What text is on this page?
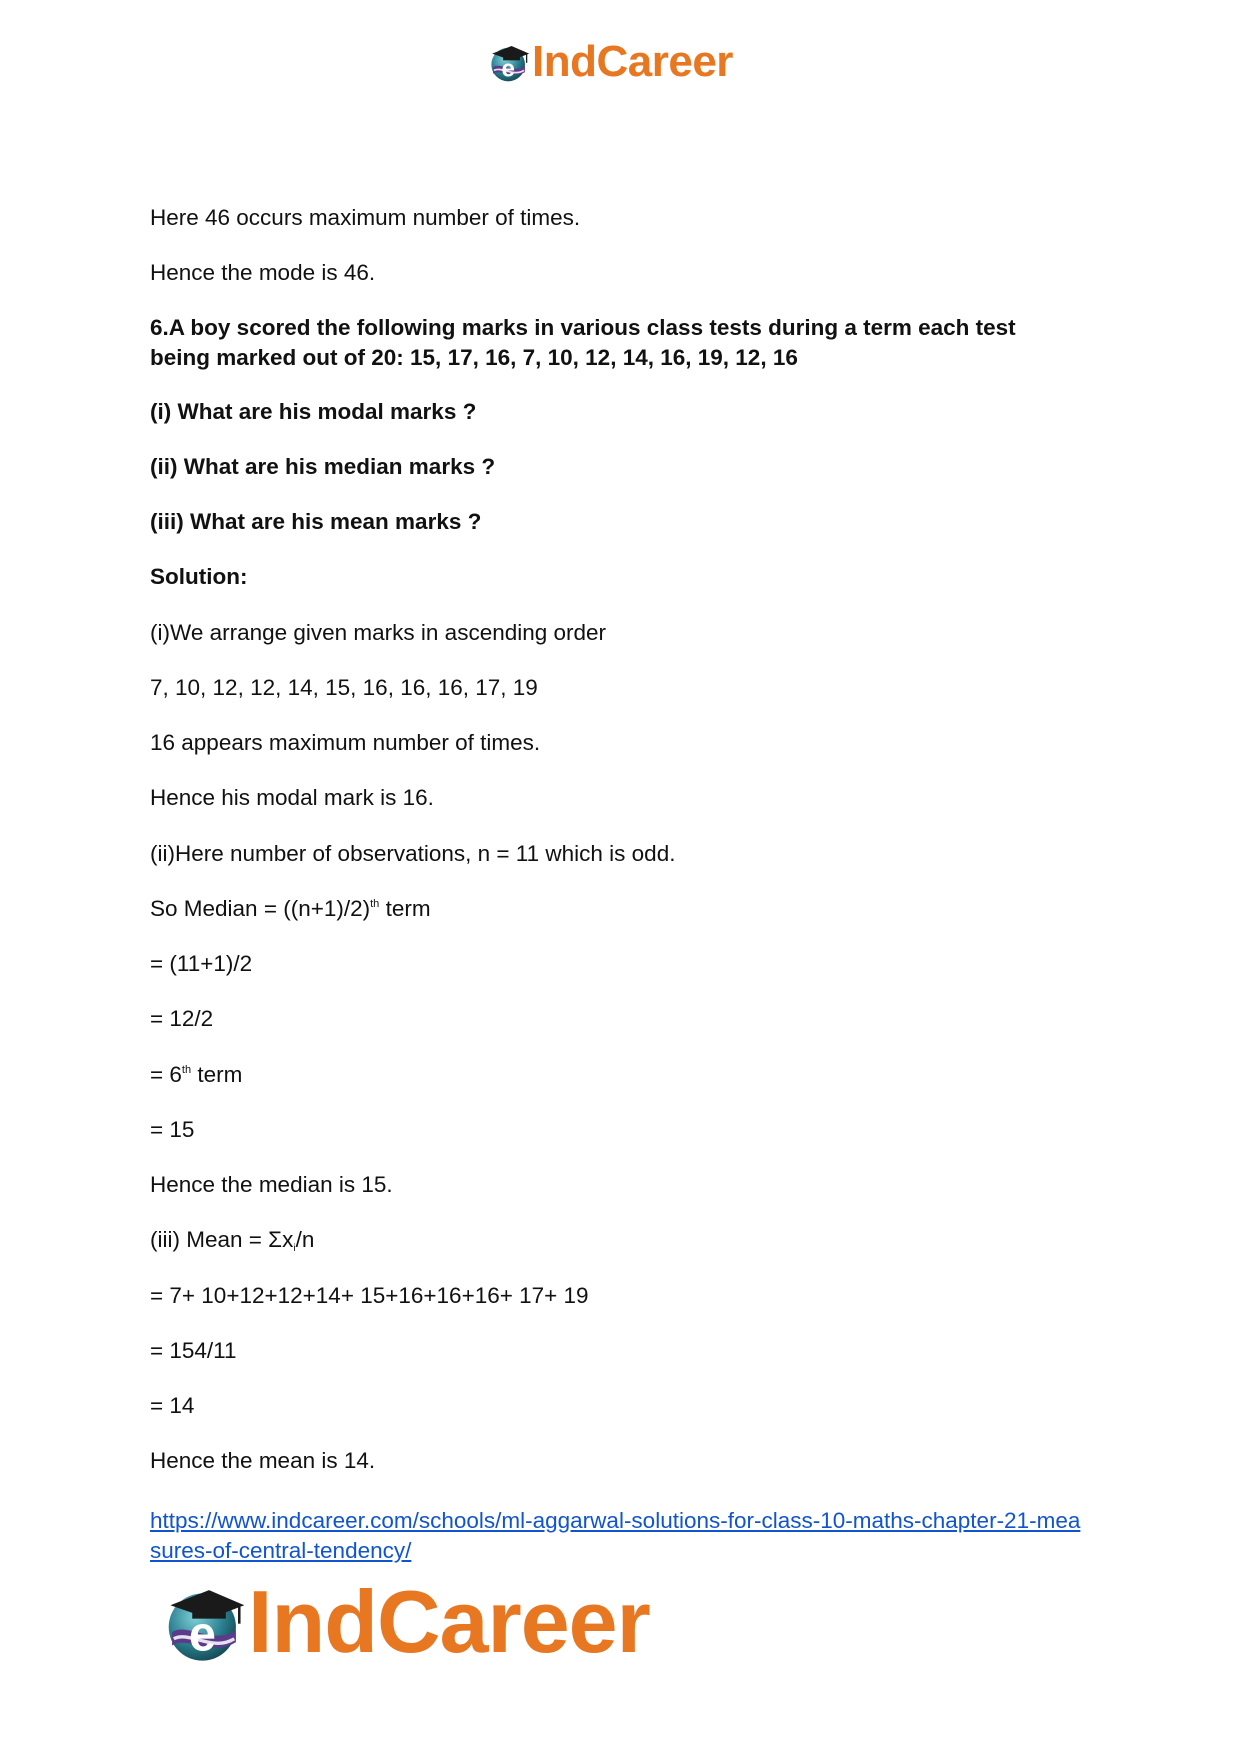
e IndCareer
Here 46 occurs maximum number of times.
Hence the mode is 46.
6.A boy scored the following marks in various class tests during a term each test being marked out of 20: 15, 17, 16, 7, 10, 12, 14, 16, 19, 12, 16
(i) What are his modal marks ?
(ii) What are his median marks ?
(iii) What are his mean marks ?
Solution:
(i)We arrange given marks in ascending order
7, 10, 12, 12, 14, 15, 16, 16, 16, 17, 19
16 appears maximum number of times.
Hence his modal mark is 16.
(ii)Here number of observations, n = 11 which is odd.
So Median = $((n+1)/2)^{th}$ term
= (11+1)/2
= 12/2
= 6th term
= 15
Hence the median is 15.
(iii) Mean = $\Sigma x_i/n$
= 7+ 10+12+12+14+ 15+16+16+16+ 17+ 19
= 154/11
= 14
Hence the mean is 14.
https://www.indcareer.com/schools/ml-aggarwal-solutions-for-class-10-maths-chapter-21-measures-of-central-tendency/
e IndCareer
